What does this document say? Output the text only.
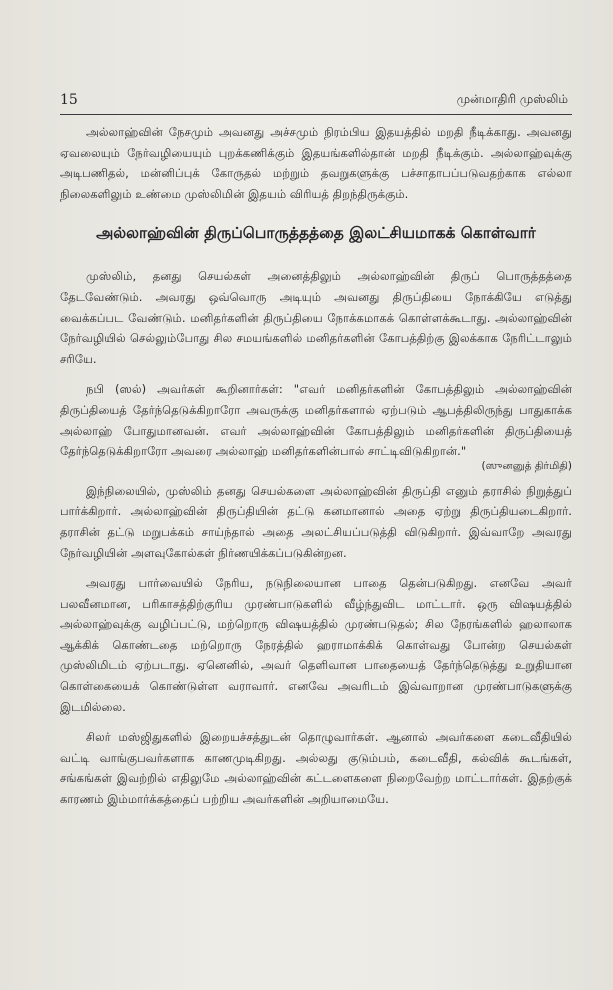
15	முன்மாதிரி முஸ்லிம்

அல்லாஹ்வின் நேசமும் அவனது அச்சமும் நிரம்பிய இதயத்தில் மறதி நீடிக்காது. அவனது ஏவலையும் நேர்வழியையும் புறக்கணிக்கும் இதயங்களில்தான் மறதி நீடிக்கும். அல்லாஹ்வுக்கு அடிபணிதல், மன்னிப்புக் கோருதல் மற்றும் தவறுகளுக்கு பச்சாதாபப்படுவதற்காக எல்லா நிலைகளிலும் உண்மை முஸ்லிமின் இதயம் விரியத் திறந்திருக்கும்.

அல்லாஹ்வின் திருப்பொருத்தத்தை இலட்சியமாகக் கொள்வார்

முஸ்லிம், தனது செயல்கள் அனைத்திலும் அல்லாஹ்வின் திருப் பொருத்தத்தை தேடவேண்டும். அவரது ஒவ்வொரு அடியும் அவனது திருப்தியை நோக்கியே எடுத்து வைக்கப்பட வேண்டும். மனிதர்களின் திருப்தியை நோக்கமாகக் கொள்ளக்கூடாது. அல்லாஹ்வின் நேர்வழியில் செல்லும்போது சில சமயங்களில் மனிதர்களின் கோபத்திற்கு இலக்காக நேரிட்டாலும் சரியே.

நபி (ஸல்) அவர்கள் கூறினார்கள்: "எவர் மனிதர்களின் கோபத்திலும் அல்லாஹ்வின் திருப்தியைத் தேர்ந்தெடுக்கிறாரோ அவருக்கு மனிதர்களால் ஏற்படும் ஆபத்திலிருந்து பாதுகாக்க அல்லாஹ் போதுமானவன். எவர் அல்லாஹ்வின் கோபத்திலும் மனிதர்களின் திருப்தியைத் தேர்ந்தெடுக்கிறாரோ அவரை அல்லாஹ் மனிதர்களின்பால் சாட்டிவிடுகிறான்."

(ஸுனனுத் திர்மிதி)

இந்நிலையில், முஸ்லிம் தனது செயல்களை அல்லாஹ்வின் திருப்தி எனும் தராசில் நிறுத்துப் பார்க்கிறார். அல்லாஹ்வின் திருப்தியின் தட்டு கனமானால் அதை ஏற்று திருப்தியடைகிறார். தராசின் தட்டு மறுபக்கம் சாய்ந்தால் அதை அலட்சியப்படுத்தி விடுகிறார். இவ்வாறே அவரது நேர்வழியின் அளவுகோல்கள் நிர்ணயிக்கப்படுகின்றன.

அவரது பார்வையில் நேரிய, நடுநிலையான பாதை தென்படுகிறது. எனவே அவர் பலவீனமான, பரிகாசத்திற்குரிய முரண்பாடுகளில் வீழ்ந்துவிட மாட்டார். ஒரு விஷயத்தில் அல்லாஹ்வுக்கு வழிப்பட்டு, மற்றொரு விஷயத்தில் முரண்படுதல்; சில நேரங்களில் ஹலாலாக ஆக்கிக் கொண்டதை மற்றொரு நேரத்தில் ஹராமாக்கிக் கொள்வது போன்ற செயல்கள் முஸ்லிமிடம் ஏற்படாது. ஏனெனில், அவர் தெளிவான பாதையைத் தேர்ந்தெடுத்து உறுதியான கொள்கையைக் கொண்டுள்ள வராவார். எனவே அவரிடம் இவ்வாறான முரண்பாடுகளுக்கு இடமில்லை.

சிலர் மஸ்ஜிதுகளில் இறையச்சத்துடன் தொழுவார்கள். ஆனால் அவர்களை கடைவீதியில் வட்டி வாங்குபவர்களாக காணமுடிகிறது. அல்லது குடும்பம், கடைவீதி, கல்விக் கூடங்கள், சங்கங்கள் இவற்றில் எதிலுமே அல்லாஹ்வின் கட்டளைகளை நிறைவேற்ற மாட்டார்கள். இதற்குக் காரணம் இம்மார்க்கத்தைப் பற்றிய அவர்களின் அறியாமையே.
